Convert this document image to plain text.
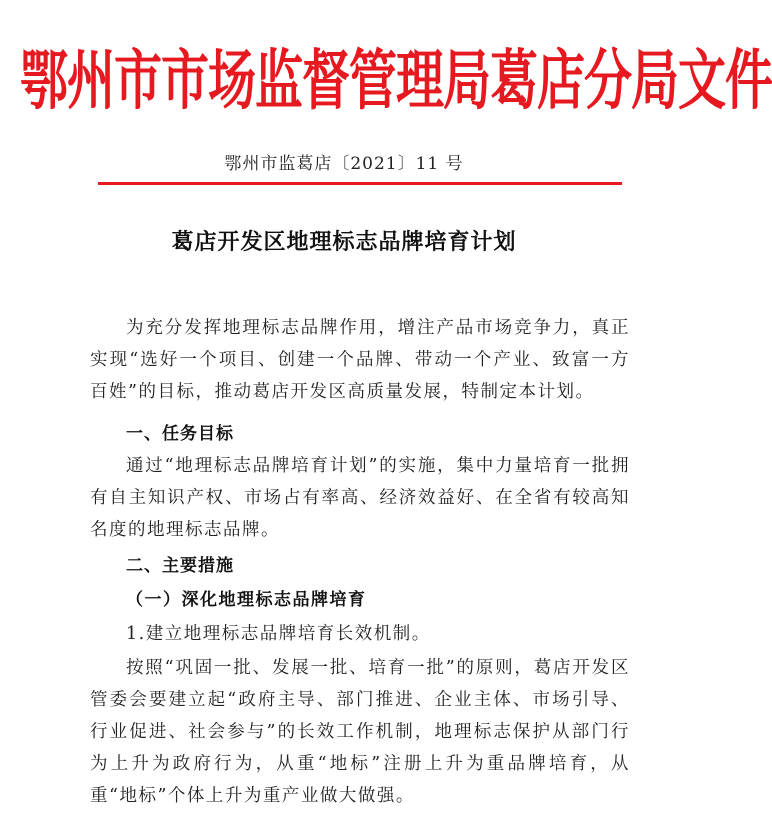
鄂州市市场监督管理局葛店分局文件
鄂州市监葛店〔2021〕11 号
葛店开发区地理标志品牌培育计划

为充分发挥地理标志品牌作用，增注产品市场竞争力，真正实现“选好一个项目、创建一个品牌、带动一个产业、致富一方百姓”的目标，推动葛店开发区高质量发展，特制定本计划。

一、任务目标

通过“地理标志品牌培育计划”的实施，集中力量培育一批拥有自主知识产权、市场占有率高、经济效益好、在全省有较高知名度的地理标志品牌。

二、主要措施

（一）深化地理标志品牌培育

1.建立地理标志品牌培育长效机制。

按照“巩固一批、发展一批、培育一批”的原则，葛店开发区管委会要建立起“政府主导、部门推进、企业主体、市场引导、行业促进、社会参与”的长效工作机制，地理标志保护从部门行为上升为政府行为，从重“地标”注册上升为重品牌培育，从重“地标”个体上升为重产业做大做强。
